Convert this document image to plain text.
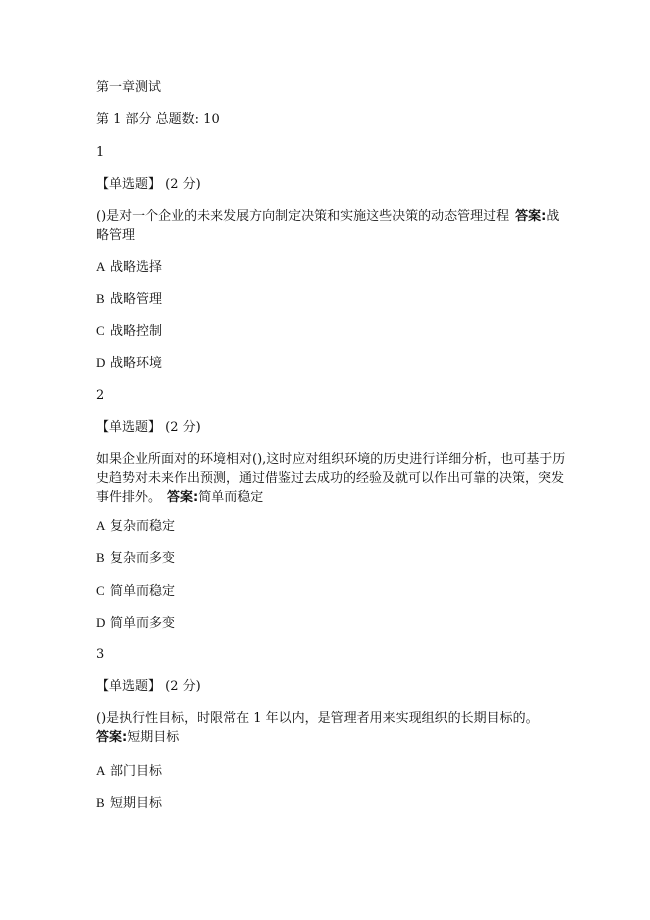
第一章测试
第 1 部分 总题数: 10
1
【单选题】 (2 分)
()是对一个企业的未来发展方向制定决策和实施这些决策的动态管理过程 答案:战略管理
A 战略选择
B 战略管理
C 战略控制
D 战略环境
2
【单选题】 (2 分)
如果企业所面对的环境相对(),这时应对组织环境的历史进行详细分析，也可基于历史趋势对未来作出预测，通过借鉴过去成功的经验及就可以作出可靠的决策，突发事件排外。 答案:简单而稳定
A 复杂而稳定
B 复杂而多变
C 简单而稳定
D 简单而多变
3
【单选题】 (2 分)
()是执行性目标，时限常在 1 年以内，是管理者用来实现组织的长期目标的。
答案:短期目标
A 部门目标
B 短期目标
